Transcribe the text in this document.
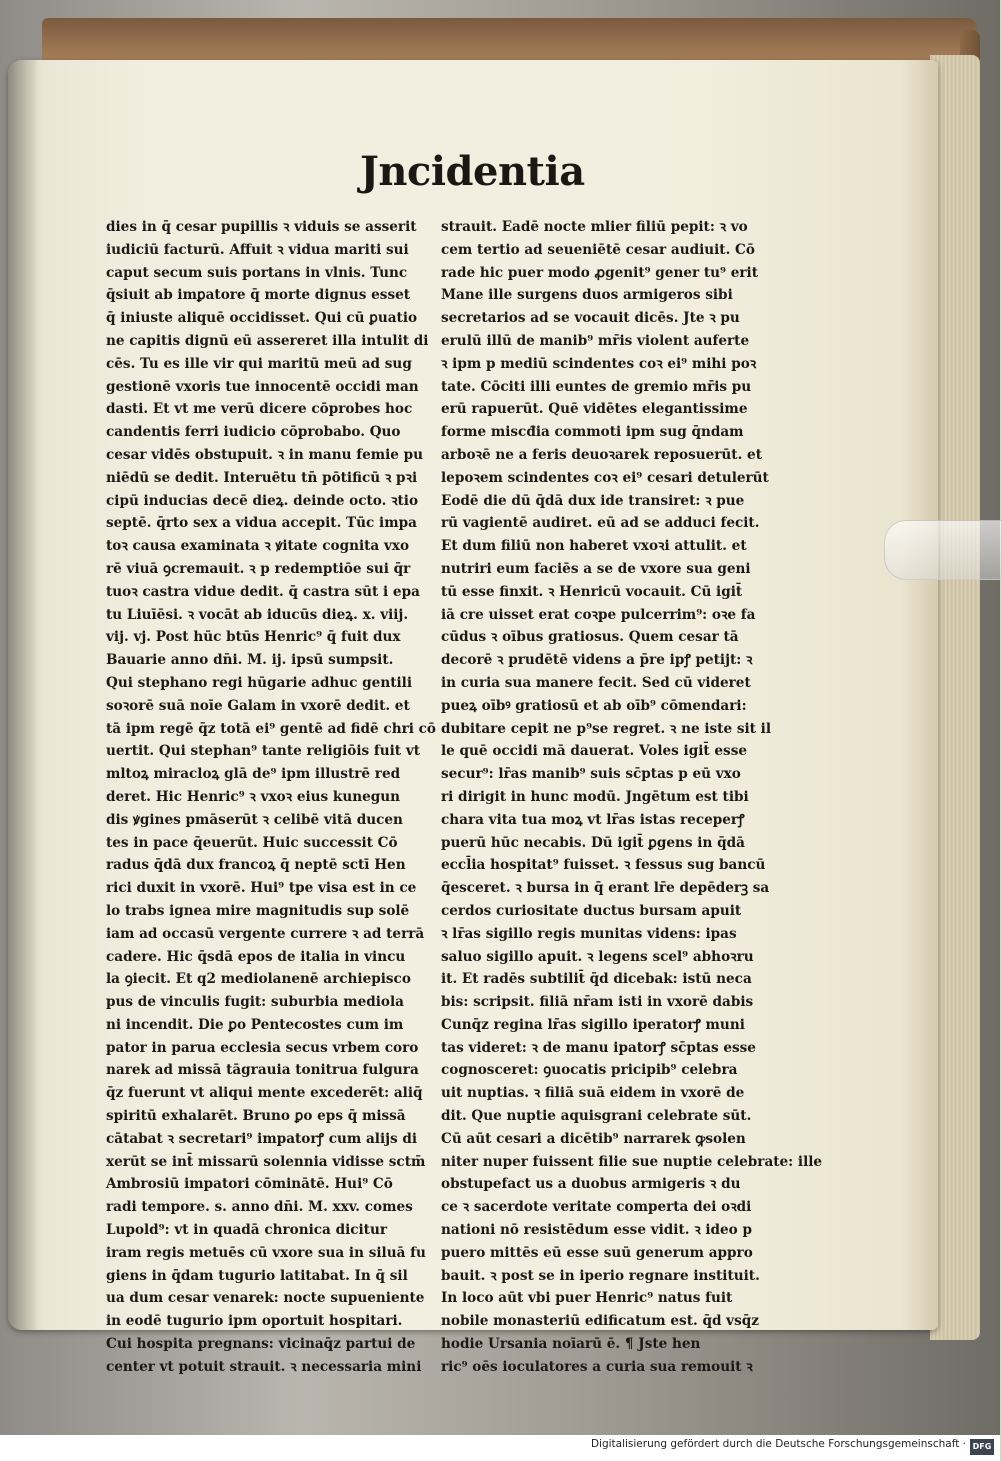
Jncidentia
dies in q̄ cesar pupillis ꝛ viduis se asserit
iudiciū facturū. Affuit ꝛ vidua mariti sui
caput secum suis portans in vlnis. Tunc
q̄siuit ab imꝑatore q̄ morte dignus esset
q̄ iniuste aliquē occidisset. Qui cū ꝑuatio
ne capitis dignū eū assereret illa intulit di
cēs. Tu es ille vir qui maritū meū ad sug
gestionē vxoris tue innocentē occidi man
dasti. Et vt me verū dicere cōprobes hoc
candentis ferri iudicio cōprobabo. Quo
cesar vidēs obstupuit. ꝛ in manu femie pu
niēdū se dedit. Interuētu tn̄ pōtificū ꝛ pꝛi
cipū inducias decē dieꝝ. deinde octo. ꝛtio
septē. q̄rto sex a vidua accepit. Tūc impa
toꝛ causa examinata ꝛ ꝟitate cognita vxo
rē viuā ꝯcremauit. ꝛ p redemptiōe sui q̄r
tuoꝛ castra vidue dedit. q̄ castra sūt i epa
tu Liuīēsi. ꝛ vocāt ab iducūs dieꝝ. x. viij.
vij. vj. Post hūc btūs Henric⁹ q̄ fuit dux
Bauarie anno dn̄i. M. ij. ipsū sumpsit.
Qui stephano regi hūgarie adhuc gentili
soꝛorē suā noīe Galam in vxorē dedit. et
tā ipm regē q̄z totā ei⁹ gentē ad fidē chri cō
uertit. Qui stephan⁹ tante religiōis fuit vt
mltoꝝ miracloꝝ glā de⁹ ipm illustrē red
deret. Hic Henric⁹ ꝛ vxoꝛ eius kunegun
dis ꝟgines pmāserūt ꝛ celibē vitā ducen
tes in pace q̄euerūt. Huic successit Cō
radus q̄dā dux francoꝝ q̄ neptē sctī Hen
rici duxit in vxorē. Hui⁹ tpe visa est in ce
lo trabs ignea mire magnitudis sup solē
iam ad occasū vergente currere ꝛ ad terrā
cadere. Hic q̄sdā epos de italia in vincu
la ꝯiecit. Et q2 mediolanenē archiepisco
pus de vinculis fugit: suburbia mediola
ni incendit. Die ꝑo Pentecostes cum im
pator in parua ecclesia secus vrbem coro
narek ad missā tāgrauia tonitrua fulgura
q̄z fuerunt vt aliqui mente excederēt: aliq̄
spiritū exhalarēt. Bruno ꝑo eps q̄ missā
cātabat ꝛ secretari⁹ impatorꝭ cum alijs di
xerūt se int̄ missarū solennia vidisse sctm̄
Ambrosiū impatori cōminātē. Hui⁹ Cō
radi tempore. s. anno dn̄i. M. xxv. comes
Lupold⁹: vt in quadā chronica dicitur
iram regis metuēs cū vxore sua in siluā fu
giens in q̄dam tugurio latitabat. In q̄ sil
ua dum cesar venarek: nocte supueniente
in eodē tugurio ipm oportuit hospitari.
Cui hospita pregnans: vicinaq̄z partui de
center vt potuit strauit. ꝛ necessaria mini
strauit. Eadē nocte mlier filiū pepit: ꝛ vo
cem tertio ad seueniētē cesar audiuit. Cō
rade hic puer modo ꝓgenit⁹ gener tu⁹ erit
Mane ille surgens duos armigeros sibi
secretarios ad se vocauit dicēs. Jte ꝛ pu
erulū illū de manib⁹ mr̄is violent auferte
ꝛ ipm p mediū scindentes coꝛ ei⁹ mihi poꝛ
tate. Cōciti illi euntes de gremio mr̄is pu
erū rapuerūt. Quē vidētes elegantissime
forme miscđia commoti ipm sug q̄ndam
arboꝛē ne a feris deuoꝛarek reposuerūt. et
lepoꝛem scindentes coꝛ ei⁹ cesari detulerūt
Eodē die dū q̄dā dux ide transiret: ꝛ pue
rū vagientē audiret. eū ad se adduci fecit.
Et dum filiū non haberet vxoꝛi attulit. et
nutriri eum faciēs a se de vxore sua geni
tū esse finxit. ꝛ Henricū vocauit. Cū igit̄
iā cre uisset erat coꝛpe pulcerrim⁹: oꝛe fa
cūdus ꝛ oībus gratiosus. Quem cesar tā
decorē ꝛ prudētē videns a p̄re ipꝭ petijt: ꝛ
in curia sua manere fecit. Sed cū videret
pueꝝ oībꝰ gratiosū et ab oīb⁹ cōmendari:
dubitare cepit ne p⁹se regret. ꝛ ne iste sit il
le quē occidi mā dauerat. Voles igit̄ esse
secur⁹: lr̄as manib⁹ suis sc̄ptas p eū vxo
ri dirigit in hunc modū. Jngētum est tibi
chara vita tua moꝝ vt lr̄as istas receperꝭ
puerū hūc necabis. Dū igit̄ ꝑgens in q̄dā
eccl̄ia hospitat⁹ fuisset. ꝛ fessus sug bancū
q̄esceret. ꝛ bursa in q̄ erant lr̄e depēderꝫ sa
cerdos curiositate ductus bursam apuit
ꝛ lr̄as sigillo regis munitas videns: ipas
saluo sigillo apuit. ꝛ legens scel⁹ abhoꝛru
it. Et radēs subtilit̄ q̄d dicebak: istū neca
bis: scripsit. filiā nr̄am isti in vxorē dabis
Cunq̄z regina lr̄as sigillo iperatorꝭ muni
tas videret: ꝛ de manu ipatorꝭ sc̄ptas esse
cognosceret: ꝯuocatis pricipib⁹ celebra
uit nuptias. ꝛ filiā suā eidem in vxorē de
dit. Que nuptie aquisgrani celebrate sūt.
Cū aūt cesari a dicētib⁹ narrarek ꝙsolen
niter nuper fuissent filie sue nuptie celebrate: ille
obstupefact us a duobus armigeris ꝛ du
ce ꝛ sacerdote veritate comperta dei oꝛdi
nationi nō resistēdum esse vidit. ꝛ ideo p
puero mittēs eū esse suū generum appro
bauit. ꝛ post se in iperio regnare instituit.
In loco aūt vbi puer Henric⁹ natus fuit
nobile monasteriū edificatum est. q̄d vsq̄z
hodie Ursania noīarū ē. ¶ Jste hen
ric⁹ oēs ioculatores a curia sua remouit ꝛ
Digitalisierung gefördert durch die Deutsche Forschungsgemeinschaft · DFG
